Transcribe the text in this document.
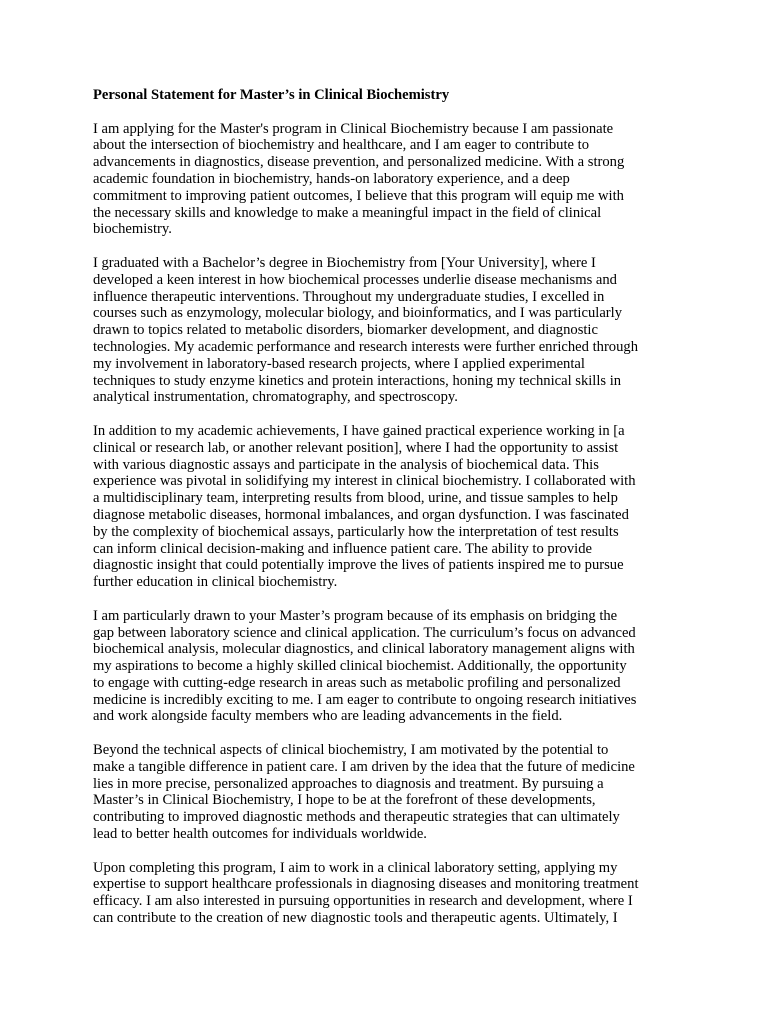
Personal Statement for Master’s in Clinical Biochemistry
I am applying for the Master's program in Clinical Biochemistry because I am passionate
about the intersection of biochemistry and healthcare, and I am eager to contribute to
advancements in diagnostics, disease prevention, and personalized medicine. With a strong
academic foundation in biochemistry, hands-on laboratory experience, and a deep
commitment to improving patient outcomes, I believe that this program will equip me with
the necessary skills and knowledge to make a meaningful impact in the field of clinical
biochemistry.
I graduated with a Bachelor’s degree in Biochemistry from [Your University], where I
developed a keen interest in how biochemical processes underlie disease mechanisms and
influence therapeutic interventions. Throughout my undergraduate studies, I excelled in
courses such as enzymology, molecular biology, and bioinformatics, and I was particularly
drawn to topics related to metabolic disorders, biomarker development, and diagnostic
technologies. My academic performance and research interests were further enriched through
my involvement in laboratory-based research projects, where I applied experimental
techniques to study enzyme kinetics and protein interactions, honing my technical skills in
analytical instrumentation, chromatography, and spectroscopy.
In addition to my academic achievements, I have gained practical experience working in [a
clinical or research lab, or another relevant position], where I had the opportunity to assist
with various diagnostic assays and participate in the analysis of biochemical data. This
experience was pivotal in solidifying my interest in clinical biochemistry. I collaborated with
a multidisciplinary team, interpreting results from blood, urine, and tissue samples to help
diagnose metabolic diseases, hormonal imbalances, and organ dysfunction. I was fascinated
by the complexity of biochemical assays, particularly how the interpretation of test results
can inform clinical decision-making and influence patient care. The ability to provide
diagnostic insight that could potentially improve the lives of patients inspired me to pursue
further education in clinical biochemistry.
I am particularly drawn to your Master’s program because of its emphasis on bridging the
gap between laboratory science and clinical application. The curriculum’s focus on advanced
biochemical analysis, molecular diagnostics, and clinical laboratory management aligns with
my aspirations to become a highly skilled clinical biochemist. Additionally, the opportunity
to engage with cutting-edge research in areas such as metabolic profiling and personalized
medicine is incredibly exciting to me. I am eager to contribute to ongoing research initiatives
and work alongside faculty members who are leading advancements in the field.
Beyond the technical aspects of clinical biochemistry, I am motivated by the potential to
make a tangible difference in patient care. I am driven by the idea that the future of medicine
lies in more precise, personalized approaches to diagnosis and treatment. By pursuing a
Master’s in Clinical Biochemistry, I hope to be at the forefront of these developments,
contributing to improved diagnostic methods and therapeutic strategies that can ultimately
lead to better health outcomes for individuals worldwide.
Upon completing this program, I aim to work in a clinical laboratory setting, applying my
expertise to support healthcare professionals in diagnosing diseases and monitoring treatment
efficacy. I am also interested in pursuing opportunities in research and development, where I
can contribute to the creation of new diagnostic tools and therapeutic agents. Ultimately, I
